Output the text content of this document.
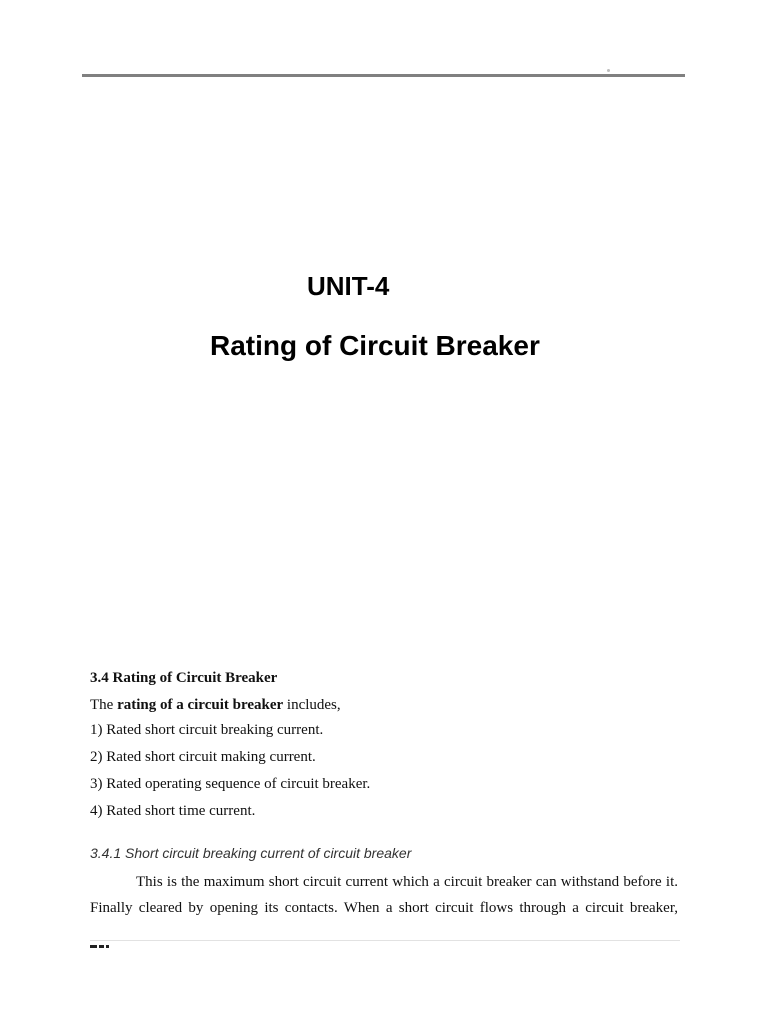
UNIT-4
Rating of Circuit Breaker
3.4 Rating of Circuit Breaker
The rating of a circuit breaker includes,
1) Rated short circuit breaking current.
2) Rated short circuit making current.
3) Rated operating sequence of circuit breaker.
4) Rated short time current.
3.4.1 Short circuit breaking current of circuit breaker

This is the maximum short circuit current which a circuit breaker can withstand before it.

Finally cleared by opening its contacts. When a short circuit flows through a circuit breaker,
